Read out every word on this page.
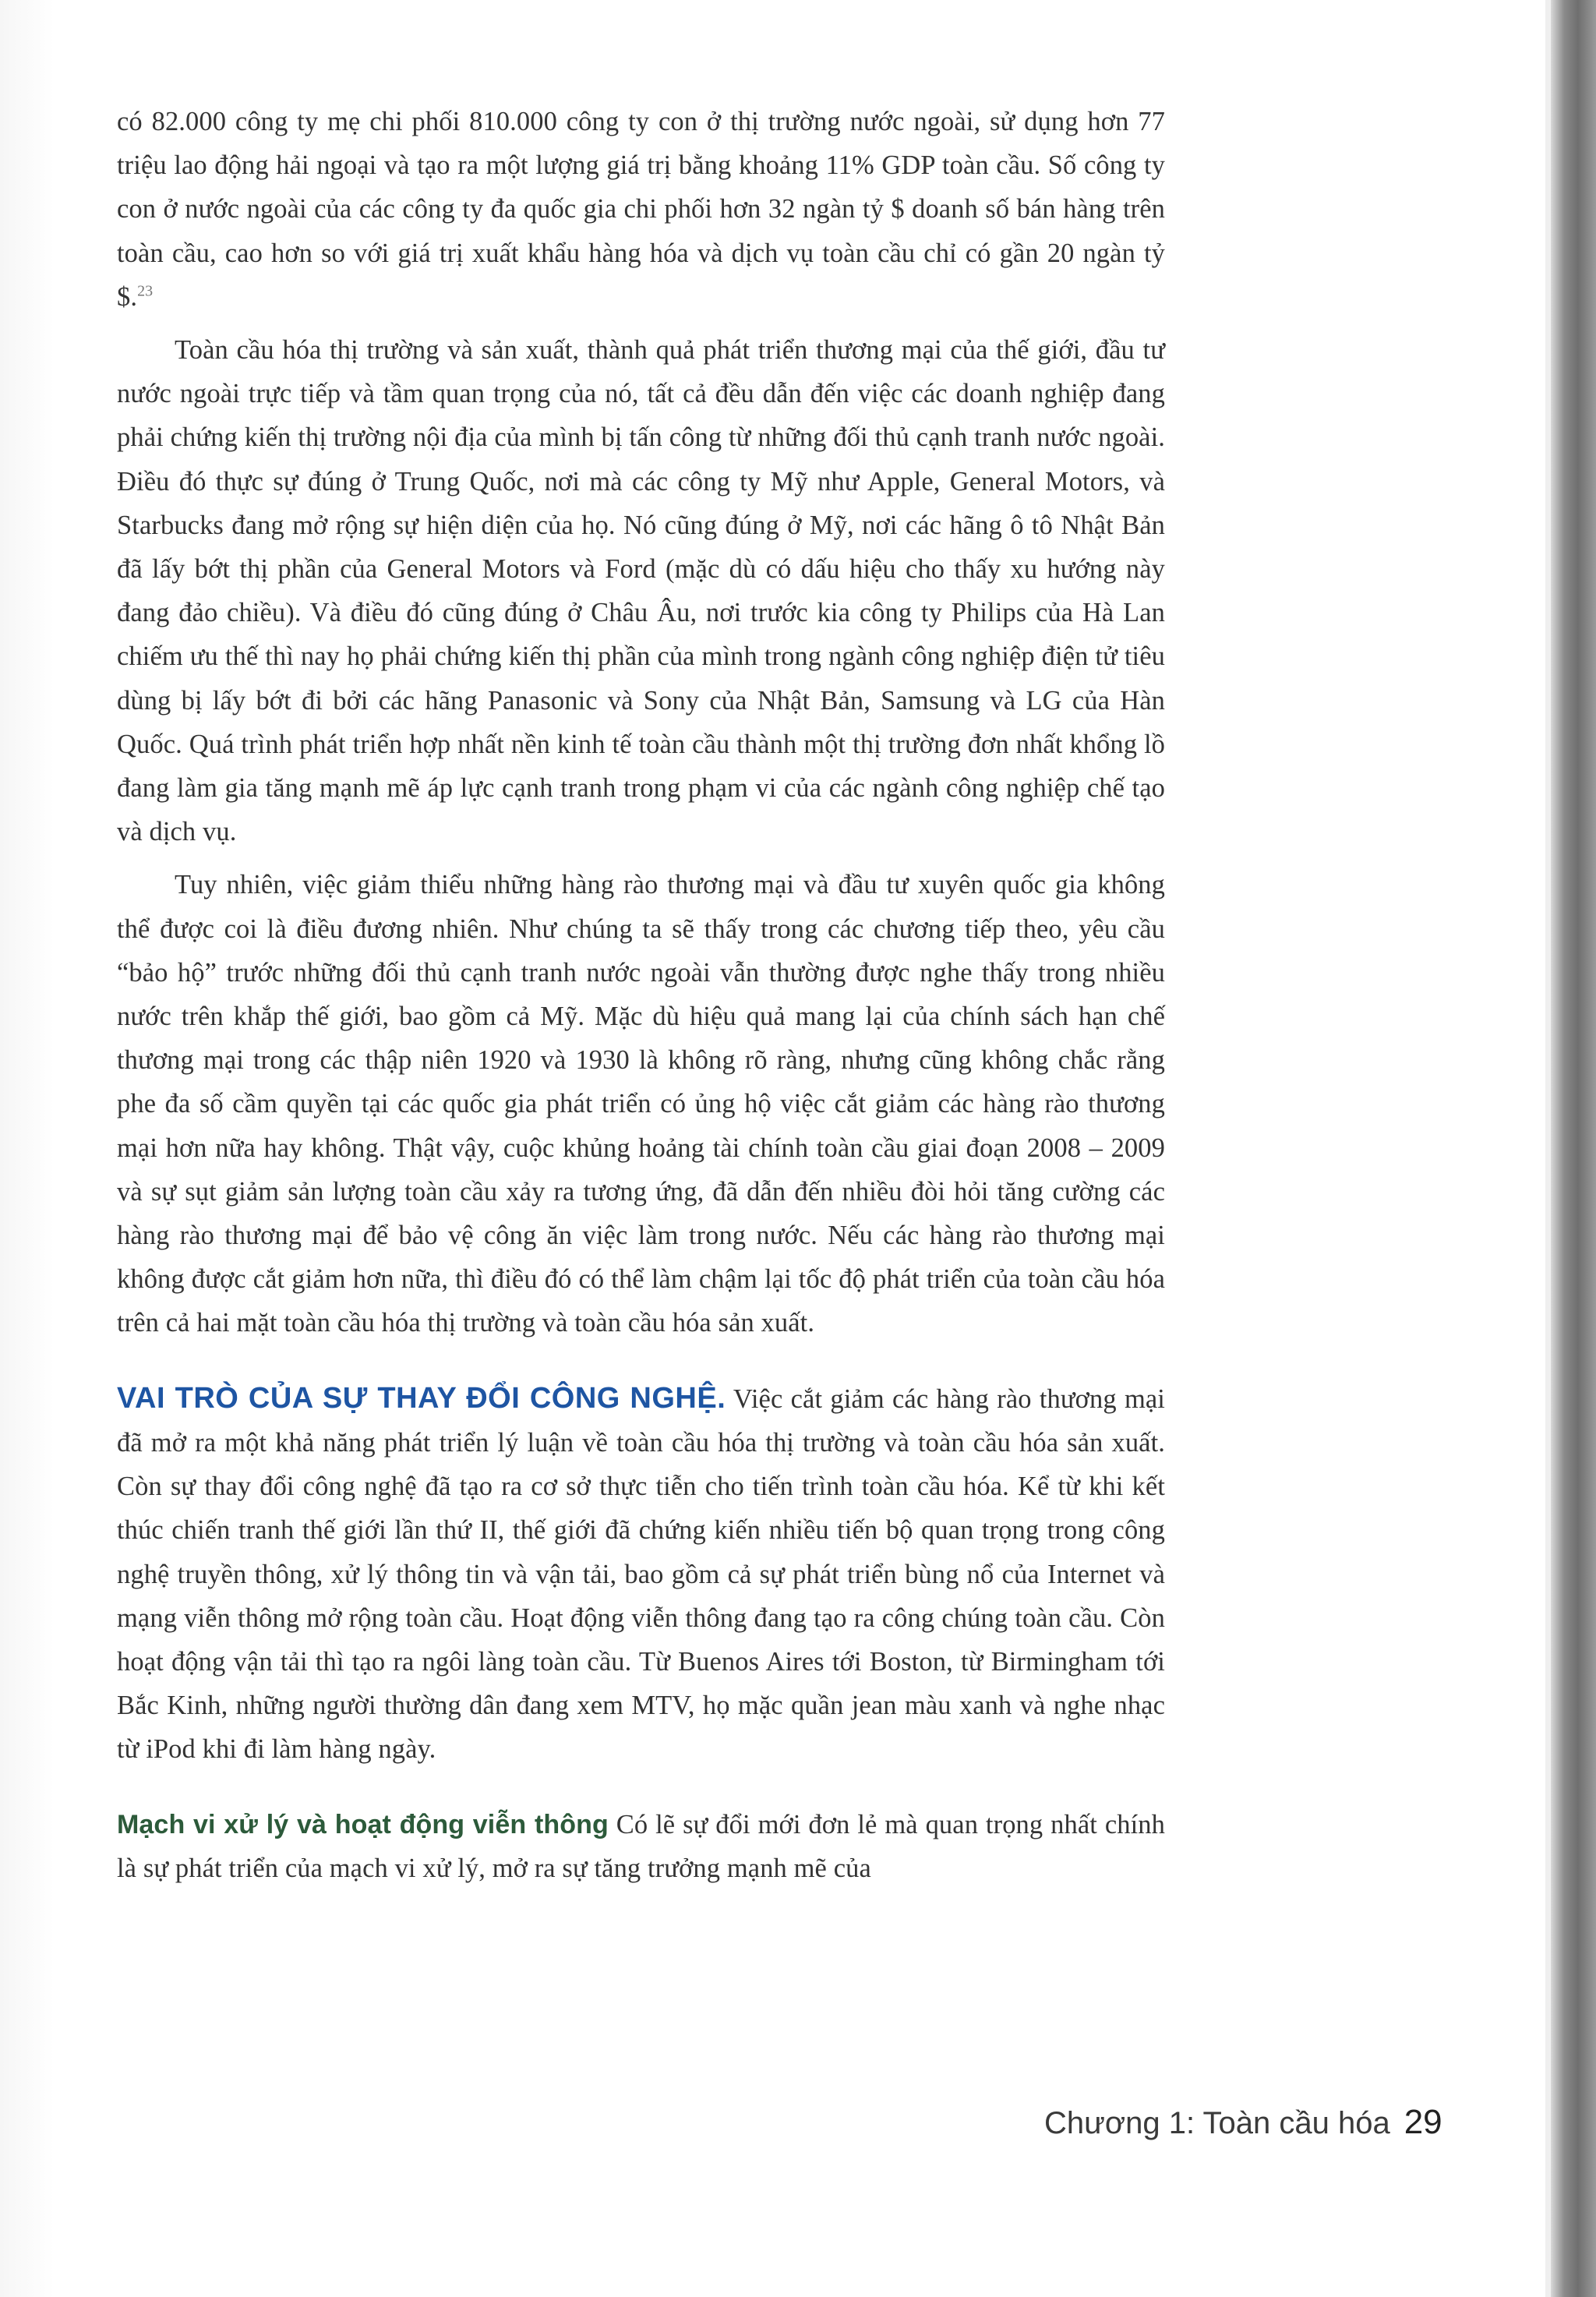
có 82.000 công ty mẹ chi phối 810.000 công ty con ở thị trường nước ngoài, sử dụng hơn 77 triệu lao động hải ngoại và tạo ra một lượng giá trị bằng khoảng 11% GDP toàn cầu. Số công ty con ở nước ngoài của các công ty đa quốc gia chi phối hơn 32 ngàn tỷ $ doanh số bán hàng trên toàn cầu, cao hơn so với giá trị xuất khẩu hàng hóa và dịch vụ toàn cầu chỉ có gần 20 ngàn tỷ $.$^{23}$

Toàn cầu hóa thị trường và sản xuất, thành quả phát triển thương mại của thế giới, đầu tư nước ngoài trực tiếp và tầm quan trọng của nó, tất cả đều dẫn đến việc các doanh nghiệp đang phải chứng kiến thị trường nội địa của mình bị tấn công từ những đối thủ cạnh tranh nước ngoài. Điều đó thực sự đúng ở Trung Quốc, nơi mà các công ty Mỹ như Apple, General Motors, và Starbucks đang mở rộng sự hiện diện của họ. Nó cũng đúng ở Mỹ, nơi các hãng ô tô Nhật Bản đã lấy bớt thị phần của General Motors và Ford (mặc dù có dấu hiệu cho thấy xu hướng này đang đảo chiều). Và điều đó cũng đúng ở Châu Âu, nơi trước kia công ty Philips của Hà Lan chiếm ưu thế thì nay họ phải chứng kiến thị phần của mình trong ngành công nghiệp điện tử tiêu dùng bị lấy bớt đi bởi các hãng Panasonic và Sony của Nhật Bản, Samsung và LG của Hàn Quốc. Quá trình phát triển hợp nhất nền kinh tế toàn cầu thành một thị trường đơn nhất khổng lồ đang làm gia tăng mạnh mẽ áp lực cạnh tranh trong phạm vi của các ngành công nghiệp chế tạo và dịch vụ.

Tuy nhiên, việc giảm thiểu những hàng rào thương mại và đầu tư xuyên quốc gia không thể được coi là điều đương nhiên. Như chúng ta sẽ thấy trong các chương tiếp theo, yêu cầu “bảo hộ” trước những đối thủ cạnh tranh nước ngoài vẫn thường được nghe thấy trong nhiều nước trên khắp thế giới, bao gồm cả Mỹ. Mặc dù hiệu quả mang lại của chính sách hạn chế thương mại trong các thập niên 1920 và 1930 là không rõ ràng, nhưng cũng không chắc rằng phe đa số cầm quyền tại các quốc gia phát triển có ủng hộ việc cắt giảm các hàng rào thương mại hơn nữa hay không. Thật vậy, cuộc khủng hoảng tài chính toàn cầu giai đoạn 2008 – 2009 và sự sụt giảm sản lượng toàn cầu xảy ra tương ứng, đã dẫn đến nhiều đòi hỏi tăng cường các hàng rào thương mại để bảo vệ công ăn việc làm trong nước. Nếu các hàng rào thương mại không được cắt giảm hơn nữa, thì điều đó có thể làm chậm lại tốc độ phát triển của toàn cầu hóa trên cả hai mặt toàn cầu hóa thị trường và toàn cầu hóa sản xuất.

VAI TRÒ CỦA SỰ THAY ĐỔI CÔNG NGHỆ. Việc cắt giảm các hàng rào thương mại đã mở ra một khả năng phát triển lý luận về toàn cầu hóa thị trường và toàn cầu hóa sản xuất. Còn sự thay đổi công nghệ đã tạo ra cơ sở thực tiễn cho tiến trình toàn cầu hóa. Kể từ khi kết thúc chiến tranh thế giới lần thứ II, thế giới đã chứng kiến nhiều tiến bộ quan trọng trong công nghệ truyền thông, xử lý thông tin và vận tải, bao gồm cả sự phát triển bùng nổ của Internet và mạng viễn thông mở rộng toàn cầu. Hoạt động viễn thông đang tạo ra công chúng toàn cầu. Còn hoạt động vận tải thì tạo ra ngôi làng toàn cầu. Từ Buenos Aires tới Boston, từ Birmingham tới Bắc Kinh, những người thường dân đang xem MTV, họ mặc quần jean màu xanh và nghe nhạc từ iPod khi đi làm hàng ngày.

Mạch vi xử lý và hoạt động viễn thông Có lẽ sự đổi mới đơn lẻ mà quan trọng nhất chính là sự phát triển của mạch vi xử lý, mở ra sự tăng trưởng mạnh mẽ của

Chương 1: Toàn cầu hóa 29
